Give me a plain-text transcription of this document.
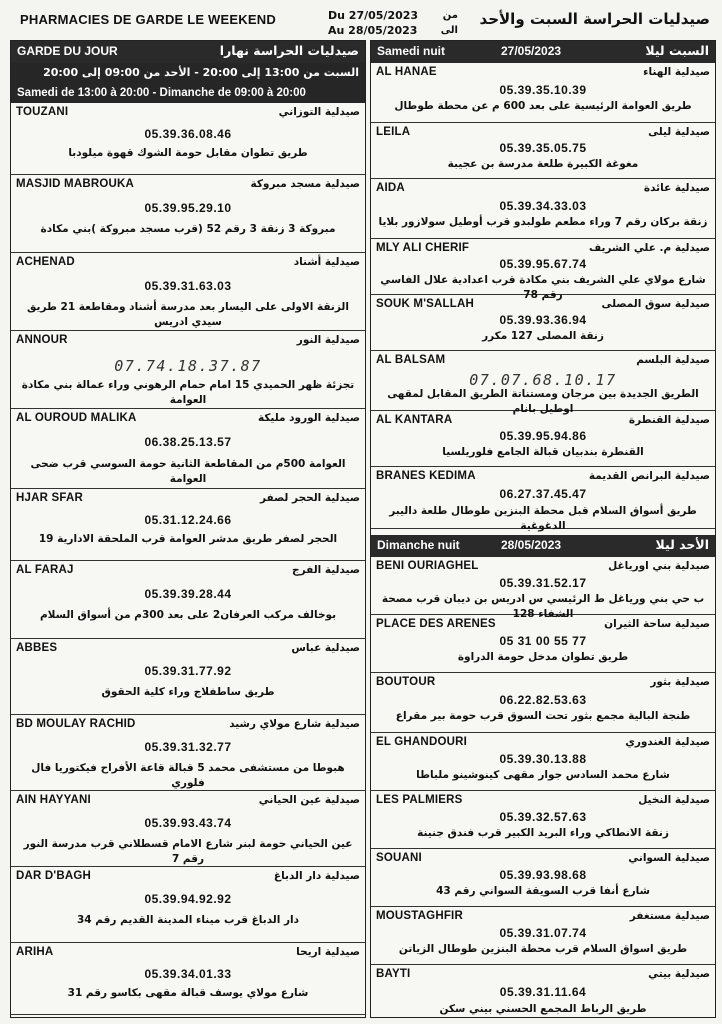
PHARMACIES DE GARDE LE WEEKEND	Du 27/05/2023 من
Au 28/05/2023 الى
صيدليات الحراسة السبت والأحد
GARDE DU JOUR	صيدليات الحراسة نهارا
السبت من 13:00 إلى 20:00 - الأحد من 09:00 إلى 20:00
Samedi de 13:00 à 20:00 - Dimanche de 09:00 à 20:00
TOUZANI	صيدلية التوزاني
05.39.36.08.46
طريق تطوان مقابل حومة الشوك قهوة ميلودبا
MASJID MABROUKA	صيدلية مسجد مبروكة
05.39.95.29.10
مبروكة 3 زنقة 3 رقم 52 (قرب مسجد مبروكة )بني مكادة
ACHENAD	صيدلية أشناد
05.39.31.63.03
الزنقة الاولى على اليسار بعد مدرسة أشناد ومقاطعة 21 طريق سيدي ادريس
ANNOUR	صيدلية النور
07.74.18.37.87
تجزئة ظهر الحميدي 15 امام حمام الرهوني وراء عمالة بني مكادة العوامة
AL OUROUD MALIKA	صيدلية الورود مليكة
06.38.25.13.57
العوامة 500م من المقاطعة الثانية حومة السوسي قرب ضحى العوامة
HJAR SFAR	صيدلية الحجر لصفر
05.31.12.24.66
الحجر لصفر طريق مدشر العوامة قرب الملحقة الادارية 19
AL FARAJ	صيدلية الفرج
05.39.39.28.44
بوخالف مركب العرفان2 على بعد 300م من أسواق السلام
ABBES	صيدلية عباس
05.39.31.77.92
طريق ساطفلاج وراء كلية الحقوق
BD MOULAY RACHID	صيدلية شارع مولاي رشيد
05.39.31.32.77
هبوطا من مستشفى محمد 5 قبالة قاعة الأفراح فيكتوريا فال فلوري
AIN HAYYANI	صيدلية عين الحياني
05.39.93.43.74
عين الحياني حومة لبنر شارع الامام قسطلاني قرب مدرسة النور رقم 7
DAR D'BAGH	صيدلية دار الدباغ
05.39.94.92.92
دار الدباغ قرب ميناء المدينة القديم رقم 34
ARIHA	صيدلية اريحا
05.39.34.01.33
شارع مولاي يوسف قبالة مقهى بكاسو رقم 31
Samedi nuit	27/05/2023	السبت ليلا
AL HANAE	صيدلية الهناء
05.39.35.10.39
طريق العوامة الرئيسية على بعد 600 م عن محطة طوطال
LEILA	صيدلية ليلى
05.39.35.05.75
مغوغة الكبيرة طلعة مدرسة بن عجيبة
AIDA	صيدلية عائدة
05.39.34.33.03
زنقة بركان رقم 7 وراء مطعم طولبدو قرب أوطيل سولازور بلايا
MLY ALI CHERIF	صيدلية م. علي الشريف
05.39.95.67.74
شارع مولاي علي الشريف بني مكادة قرب اعدادية علال الفاسي رقم 78
SOUK M'SALLAH	صيدلية سوق المصلى
05.39.93.36.94
زنقة المصلى 127 مكرر
AL BALSAM	صيدلية البلسم
07.07.68.10.17
الطريق الجديدة بين مرجان ومستناتة الطريق المقابل لمقهى اوطيل بانام
AL KANTARA	صيدلية القنطرة
05.39.95.94.86
القنطرة بندبيان قبالة الجامع فلوريلسيا
BRANES KEDIMA	صيدلية البرانص القديمة
06.27.37.45.47
طريق أسواق السلام قبل محطة البنزين طوطال طلعة داليبر الدغوغية
Dimanche nuit	28/05/2023	الأحد ليلا
BENI OURIAGHEL	صيدلية بني اورياغل
05.39.31.52.17
ب حي بني ورياغل ط الرئيسي س ادريس بن ديبان قرب مصحة الشفاء 128
PLACE DES ARENES	صيدلية ساحة الثيران
05 31 00 55 77
طريق تطوان مدخل حومة الدراوة
BOUTOUR	صيدلية بثور
06.22.82.53.63
طنجة البالية مجمع بثور تحت السوق قرب حومة بير مقراع
EL GHANDOURI	صيدلية الغندوري
05.39.30.13.88
شارع محمد السادس جوار مقهى كينوشينو ملباطا
LES PALMIERS	صيدلية النخيل
05.39.32.57.63
زنقة الانطاكي وراء البريد الكبير قرب فندق جنينة
SOUANI	صيدلية السواني
05.39.93.98.68
شارع أنفا قرب السويقة السواني رقم 43
MOUSTAGHFIR	صيدلية مستغفر
05.39.31.07.74
طريق اسواق السلام قرب محطة البنزين طوطال الزياتن
BAYTI	صيدلية بيتي
05.39.31.11.64
طريق الرباط المجمع الحسني بيني سكن
